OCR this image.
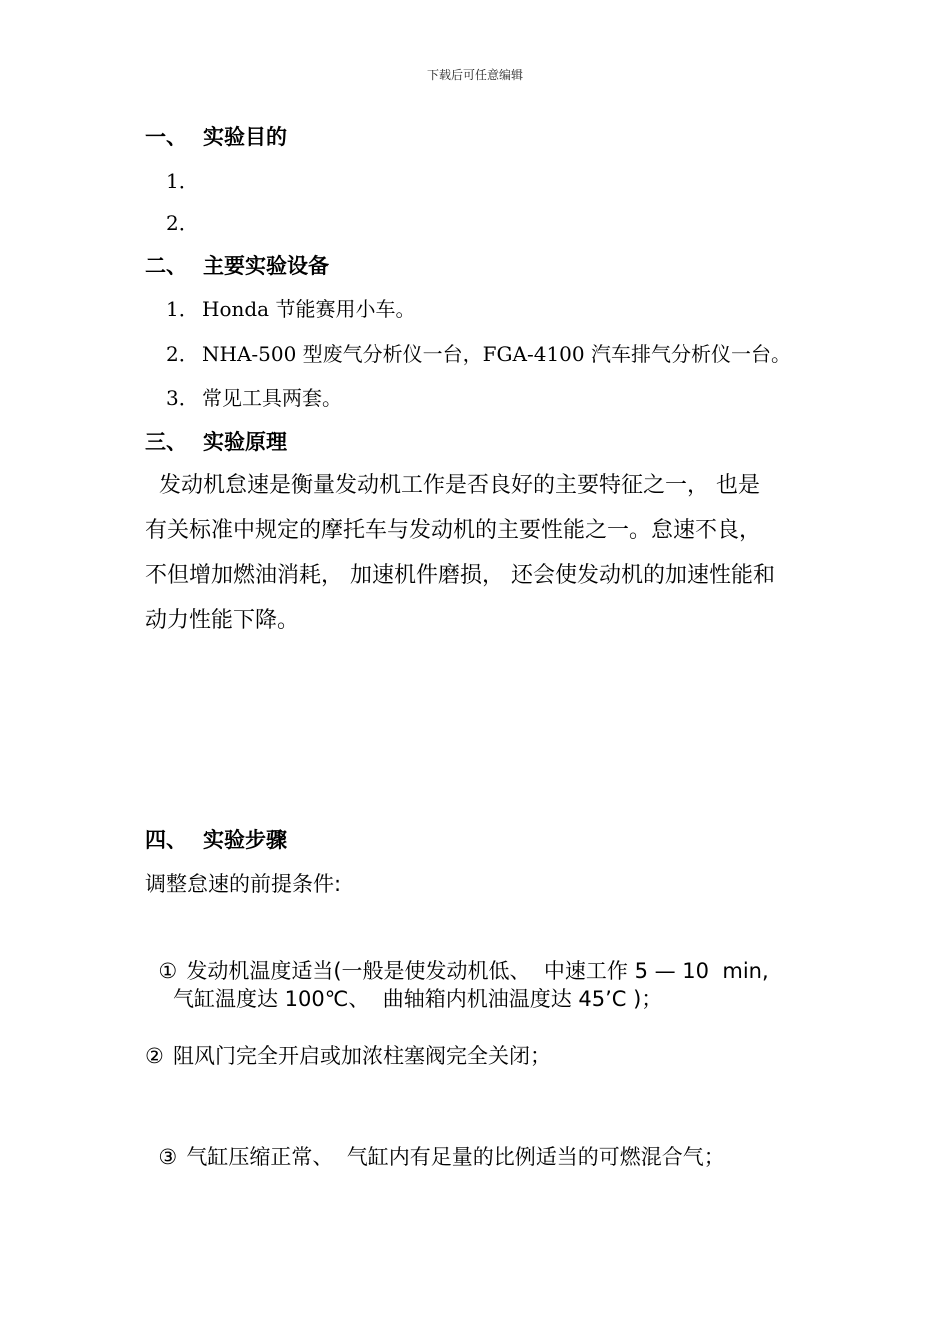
下载后可任意编辑
一、 实验目的
1．
2．
二、 主要实验设备
1． Honda 节能赛用小车。
2． NHA-500 型废气分析仪一台，FGA-4100 汽车排气分析仪一台。
3． 常见工具两套。
三、 实验原理
发动机怠速是衡量发动机工作是否良好的主要特征之一， 也是
有关标准中规定的摩托车与发动机的主要性能之一。怠速不良，
不但增加燃油消耗， 加速机件磨损， 还会使发动机的加速性能和
动力性能下降。
四、 实验步骤
调整怠速的前提条件:

① 发动机温度适当(一般是使发动机低、  中速工作 5 — 10  min,

气缸温度达 100℃、  曲轴箱内机油温度达 45’C )；
② 阻风门完全开启或加浓柱塞阀完全关闭；

③ 气缸压缩正常、  气缸内有足量的比例适当的可燃混合气；
